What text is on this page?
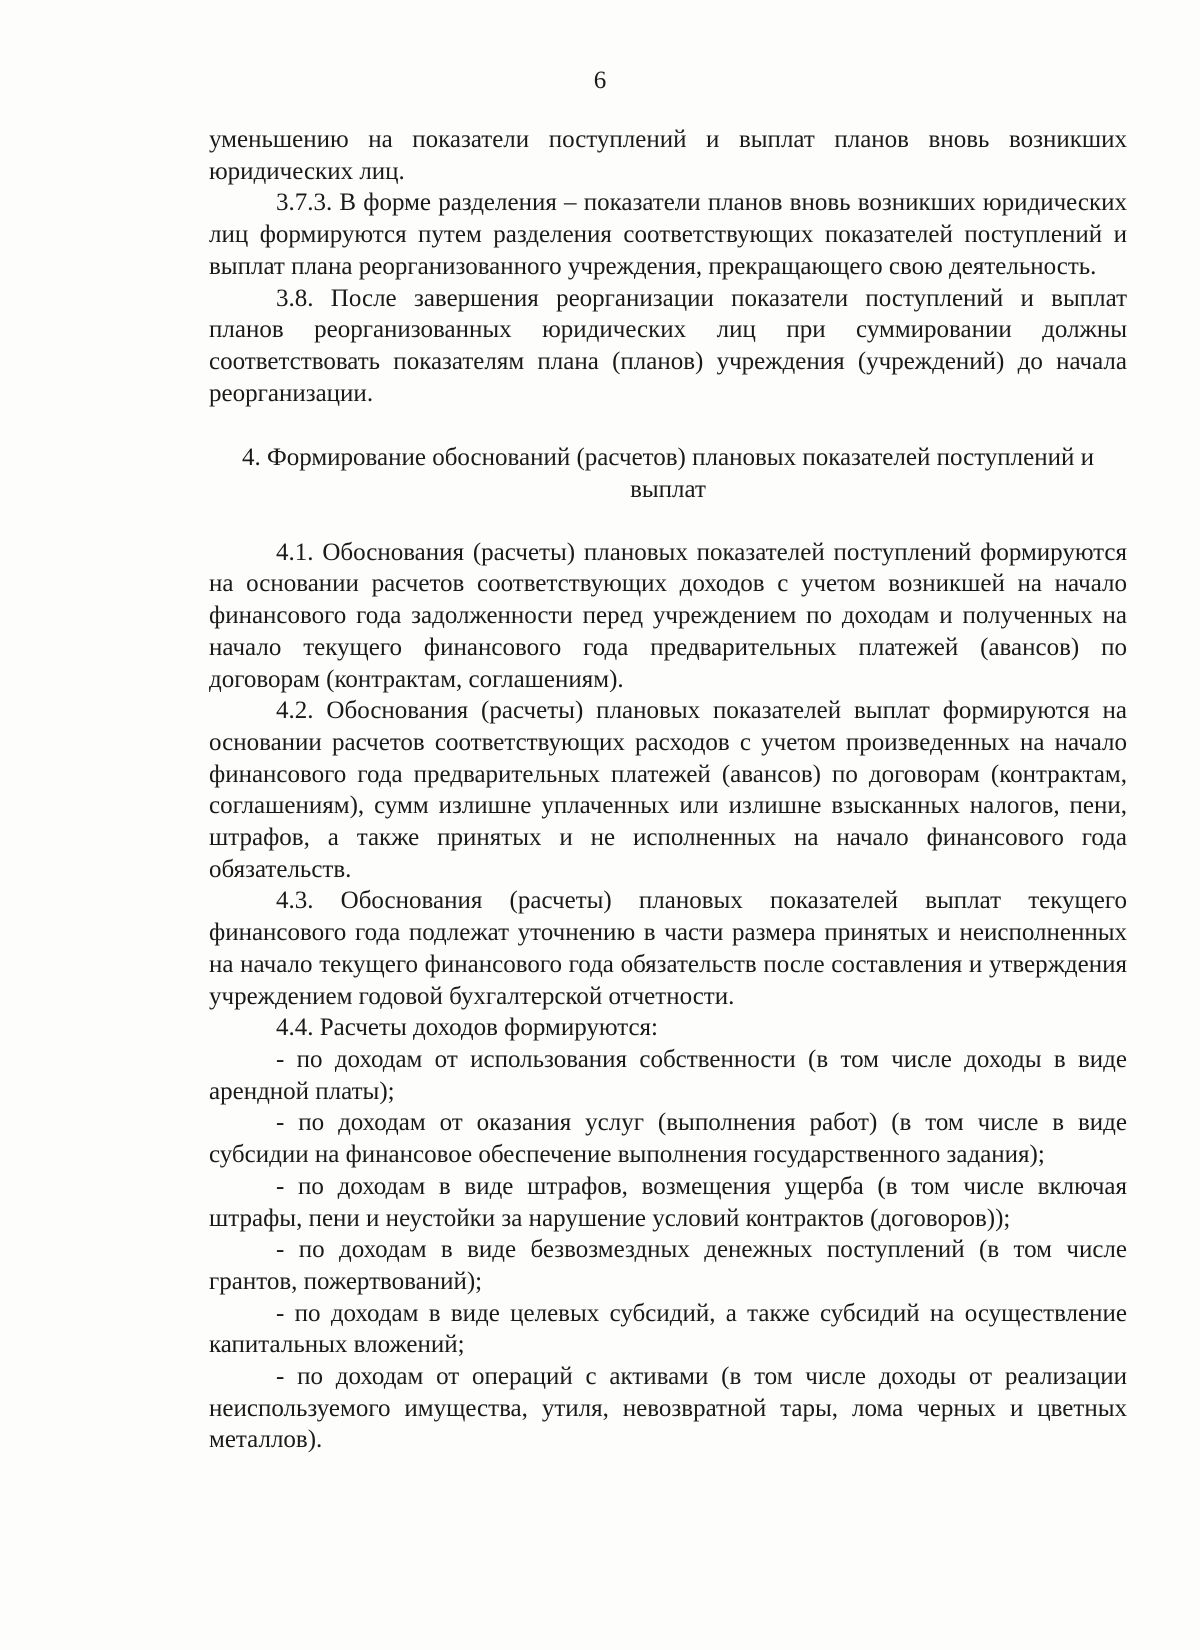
6

уменьшению на показатели поступлений и выплат планов вновь возникших юридических лиц.

3.7.3. В форме разделения – показатели планов вновь возникших юридических лиц формируются путем разделения соответствующих показателей поступлений и выплат плана реорганизованного учреждения, прекращающего свою деятельность.

3.8. После завершения реорганизации показатели поступлений и выплат планов реорганизованных юридических лиц при суммировании должны соответствовать показателям плана (планов) учреждения (учреждений) до начала реорганизации.

4. Формирование обоснований (расчетов) плановых показателей поступлений и выплат

4.1. Обоснования (расчеты) плановых показателей поступлений формируются на основании расчетов соответствующих доходов с учетом возникшей на начало финансового года задолженности перед учреждением по доходам и полученных на начало текущего финансового года предварительных платежей (авансов) по договорам (контрактам, соглашениям).

4.2. Обоснования (расчеты) плановых показателей выплат формируются на основании расчетов соответствующих расходов с учетом произведенных на начало финансового года предварительных платежей (авансов) по договорам (контрактам, соглашениям), сумм излишне уплаченных или излишне взысканных налогов, пени, штрафов, а также принятых и не исполненных на начало финансового года обязательств.

4.3. Обоснования (расчеты) плановых показателей выплат текущего финансового года подлежат уточнению в части размера принятых и неисполненных на начало текущего финансового года обязательств после составления и утверждения учреждением годовой бухгалтерской отчетности.

4.4. Расчеты доходов формируются:

- по доходам от использования собственности (в том числе доходы в виде арендной платы);

- по доходам от оказания услуг (выполнения работ) (в том числе в виде субсидии на финансовое обеспечение выполнения государственного задания);

- по доходам в виде штрафов, возмещения ущерба (в том числе включая штрафы, пени и неустойки за нарушение условий контрактов (договоров));

- по доходам в виде безвозмездных денежных поступлений (в том числе грантов, пожертвований);

- по доходам в виде целевых субсидий, а также субсидий на осуществление капитальных вложений;

- по доходам от операций с активами (в том числе доходы от реализации неиспользуемого имущества, утиля, невозвратной тары, лома черных и цветных металлов).
